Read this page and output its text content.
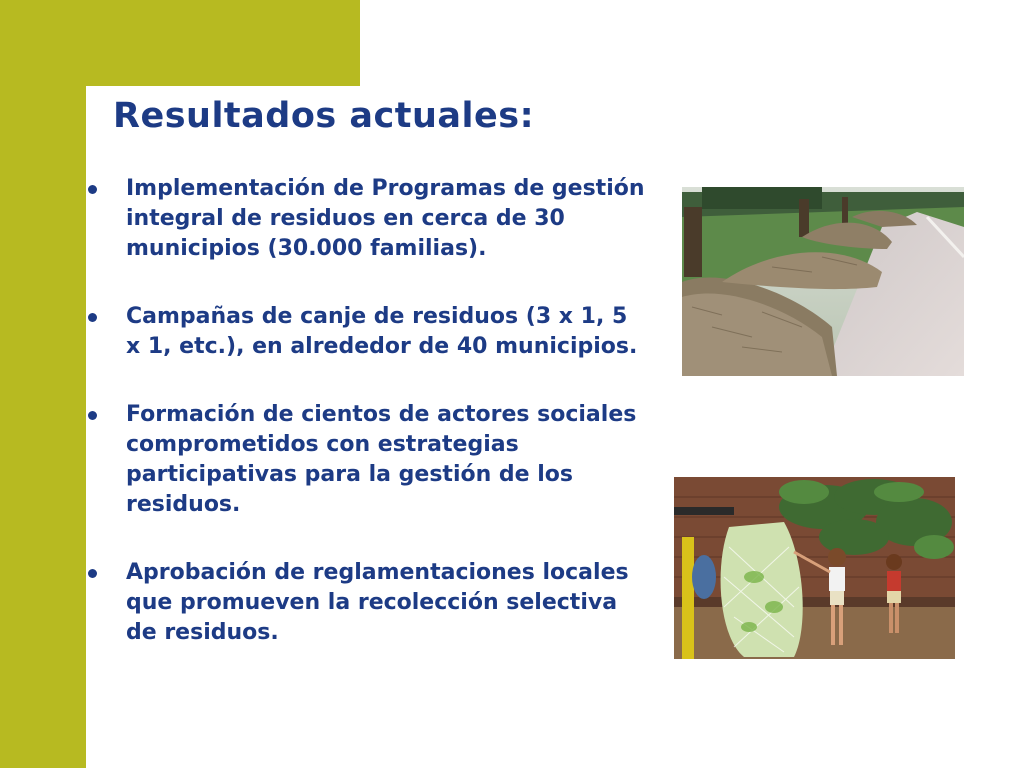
Resultados actuales:
Implementación de Programas de gestión integral de residuos en cerca de 30 municipios (30.000 familias).
Campañas de canje de residuos (3 x 1, 5 x 1, etc.), en alrededor de 40 municipios.
Formación de cientos de actores sociales comprometidos con estrategias participativas para la gestión de los residuos.
Aprobación de reglamentaciones locales que promueven la recolección selectiva de residuos.
